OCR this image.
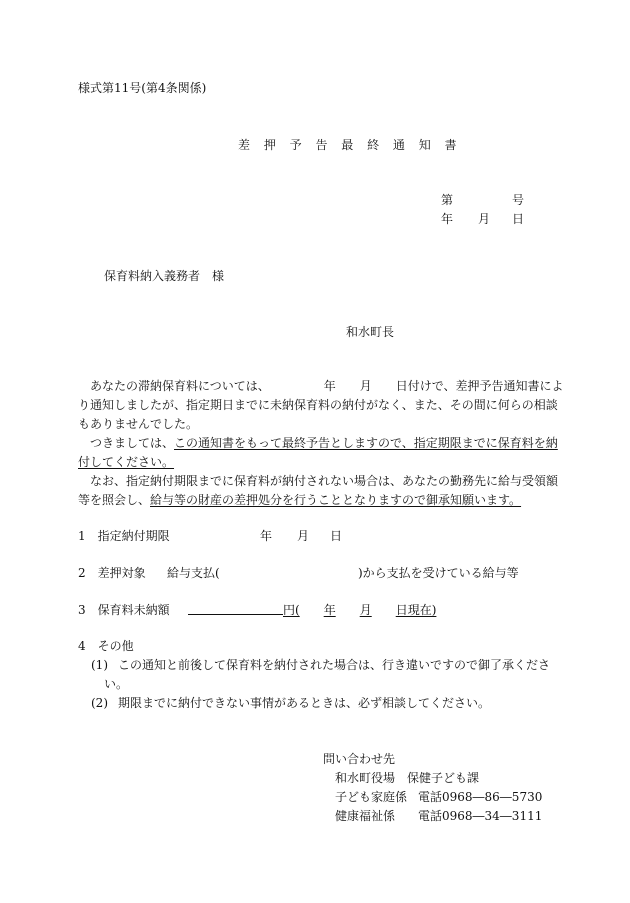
様式第11号(第4条関係)
差 押 予 告 最 終 通 知 書
第	号
年 月 日
保育料納入義務者　様
和水町長
あなたの滞納保育料については、	年 月 日付けで、差押予告通知書によ
り通知しましたが、指定期日までに未納保育料の納付がなく、また、その間に何らの相談
もありませんでした。
つきましては、この通知書をもって最終予告としますので、指定期限までに保育料を納
付してください。
なお、指定納付期限までに保育料が納付されない場合は、あなたの勤務先に給与受領額
等を照会し、給与等の財産の差押処分を行うこととなりますので御承知願います。
1　指定納付期限	年 月 日
2　差押対象 給与支払(	)から支払を受けている給与等
3　保育料未納額	円( 年 月 日現在)
4　その他
(1) この通知と前後して保育料を納付された場合は、行き違いですので御了承くださ
い。
(2) 期限までに納付できない事情があるときは、必ず相談してください。
問い合わせ先
和水町役場　保健子ども課
子ども家庭係 電話0968―86―5730
健康福祉係 電話0968―34―3111
